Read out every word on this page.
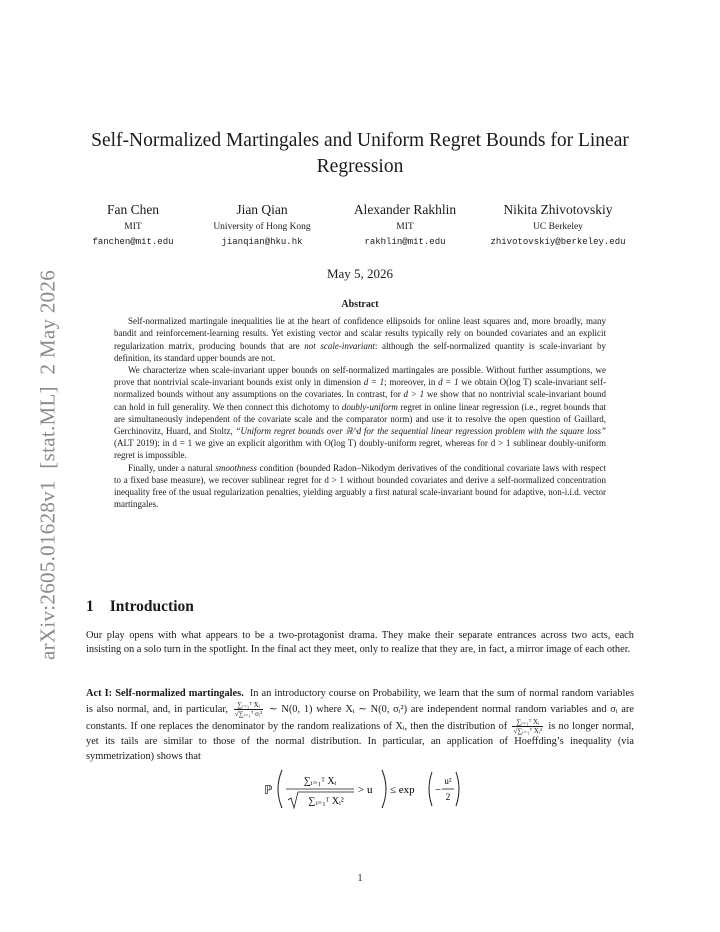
arXiv:2605.01628v1 [stat.ML] 2 May 2026
Self-Normalized Martingales and Uniform Regret Bounds for Linear Regression
Fan Chen
MIT
fanchen@mit.edu
Jian Qian
University of Hong Kong
jianqian@hku.hk
Alexander Rakhlin
MIT
rakhlin@mit.edu
Nikita Zhivotovskiy
UC Berkeley
zhivotovskiy@berkeley.edu
May 5, 2026
Abstract

Self-normalized martingale inequalities lie at the heart of confidence ellipsoids for online least squares and, more broadly, many bandit and reinforcement-learning results. Yet existing vector and scalar results typically rely on bounded covariates and an explicit regularization matrix, producing bounds that are not scale-invariant: although the self-normalized quantity is scale-invariant by definition, its standard upper bounds are not.

We characterize when scale-invariant upper bounds on self-normalized martingales are possible. Without further assumptions, we prove that nontrivial scale-invariant bounds exist only in dimension d = 1; moreover, in d = 1 we obtain O(log T) scale-invariant self-normalized bounds without any assumptions on the covariates. In contrast, for d > 1 we show that no nontrivial scale-invariant bound can hold in full generality. We then connect this dichotomy to doubly-uniform regret in online linear regression (i.e., regret bounds that are simultaneously independent of the covariate scale and the comparator norm) and use it to resolve the open question of Gaillard, Gerchinovitz, Huard, and Stoltz, “Uniform regret bounds over ℝ^d for the sequential linear regression problem with the square loss” (ALT 2019): in d = 1 we give an explicit algorithm with O(log T) doubly-uniform regret, whereas for d > 1 sublinear doubly-uniform regret is impossible.

Finally, under a natural smoothness condition (bounded Radon–Nikodym derivatives of the conditional covariate laws with respect to a fixed base measure), we recover sublinear regret for d > 1 without bounded covariates and derive a self-normalized concentration inequality free of the usual regularization penalties, yielding arguably a first natural scale-invariant bound for adaptive, non-i.i.d. vector martingales.

1 Introduction
Our play opens with what appears to be a two-protagonist drama. They make their separate entrances across two acts, each insisting on a solo turn in the spotlight. In the final act they meet, only to realize that they are, in fact, a mirror image of each other.

Act I: Self-normalized martingales. In an introductory course on Probability, we learn that the sum of normal random variables is also normal, and, in particular, $\frac{\text{∑ᵢ₌₁ᵀ Xᵢ}}{\text{√∑ᵢ₌₁ᵀ σᵢ²}}$ ∼ N(0, 1) where Xᵢ ∼ N(0, σᵢ²) are independent normal random variables and σᵢ are constants. If one replaces the denominator by the random realizations of Xᵢ, then the distribution of $\frac{\text{∑ᵢ₌₁ᵀ Xᵢ}}{\text{√∑ᵢ₌₁ᵀ Xᵢ²}}$ is no longer normal, yet its tails are similar to those of the normal distribution. In particular, an application of Hoeffding’s inequality (via symmetrization) shows that

ℙ
∑ᵢ₌₁ᵀ Xᵢ
∑ᵢ₌₁ᵀ Xᵢ²
> u ≤ exp −
u²
2
1
